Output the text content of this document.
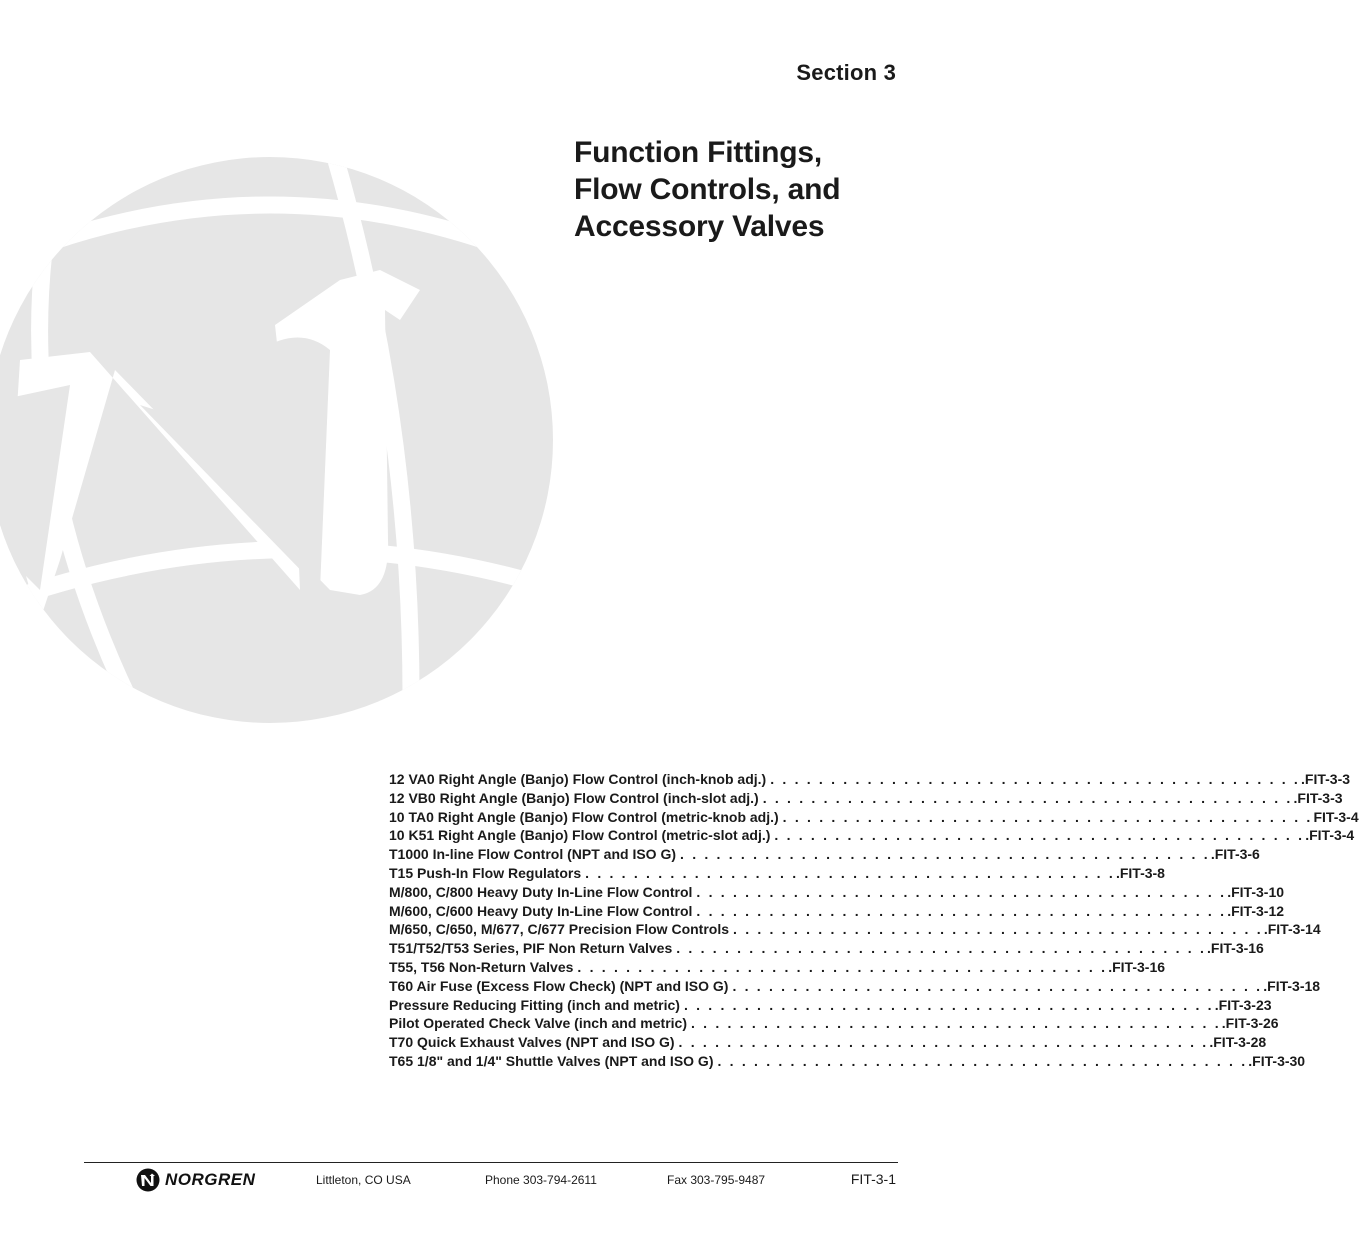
Section 3
Function Fittings,
Flow Controls, and
Accessory Valves
12 VA0 Right Angle (Banjo) Flow Control (inch-knob adj.) . . . . . . . . . . . . . . . . . . . . . . . . . . . . . . . . . . . . . . . . . . . . .FIT-3-3
12 VB0 Right Angle (Banjo) Flow Control (inch-slot adj.) . . . . . . . . . . . . . . . . . . . . . . . . . . . . . . . . . . . . . . . . . . . . .FIT-3-3
10 TA0 Right Angle (Banjo) Flow Control (metric-knob adj.) . . . . . . . . . . . . . . . . . . . . . . . . . . . . . . . . . . . . . . . . . . . . FIT-3-4
10 K51 Right Angle (Banjo) Flow Control (metric-slot adj.) . . . . . . . . . . . . . . . . . . . . . . . . . . . . . . . . . . . . . . . . . . . . .FIT-3-4
T1000 In-line Flow Control (NPT and ISO G) . . . . . . . . . . . . . . . . . . . . . . . . . . . . . . . . . . . . . . . . . . . . .FIT-3-6
T15 Push-In Flow Regulators . . . . . . . . . . . . . . . . . . . . . . . . . . . . . . . . . . . . . . . . . . . . .FIT-3-8
M/800, C/800 Heavy Duty In-Line Flow Control . . . . . . . . . . . . . . . . . . . . . . . . . . . . . . . . . . . . . . . . . . . . .FIT-3-10
M/600, C/600 Heavy Duty In-Line Flow Control . . . . . . . . . . . . . . . . . . . . . . . . . . . . . . . . . . . . . . . . . . . . .FIT-3-12
M/650, C/650, M/677, C/677 Precision Flow Controls . . . . . . . . . . . . . . . . . . . . . . . . . . . . . . . . . . . . . . . . . . . . .FIT-3-14
T51/T52/T53 Series, PIF Non Return Valves . . . . . . . . . . . . . . . . . . . . . . . . . . . . . . . . . . . . . . . . . . . . .FIT-3-16
T55, T56 Non-Return Valves . . . . . . . . . . . . . . . . . . . . . . . . . . . . . . . . . . . . . . . . . . . . .FIT-3-16
T60 Air Fuse (Excess Flow Check) (NPT and ISO G) . . . . . . . . . . . . . . . . . . . . . . . . . . . . . . . . . . . . . . . . . . . . .FIT-3-18
Pressure Reducing Fitting (inch and metric) . . . . . . . . . . . . . . . . . . . . . . . . . . . . . . . . . . . . . . . . . . . . .FIT-3-23
Pilot Operated Check Valve (inch and metric) . . . . . . . . . . . . . . . . . . . . . . . . . . . . . . . . . . . . . . . . . . . . .FIT-3-26
T70 Quick Exhaust Valves (NPT and ISO G) . . . . . . . . . . . . . . . . . . . . . . . . . . . . . . . . . . . . . . . . . . . . .FIT-3-28
T65 1/8" and 1/4" Shuttle Valves (NPT and ISO G) . . . . . . . . . . . . . . . . . . . . . . . . . . . . . . . . . . . . . . . . . . . . .FIT-3-30
NORGREN	Littleton, CO USA	Phone 303-794-2611	Fax 303-795-9487	FIT-3-1
